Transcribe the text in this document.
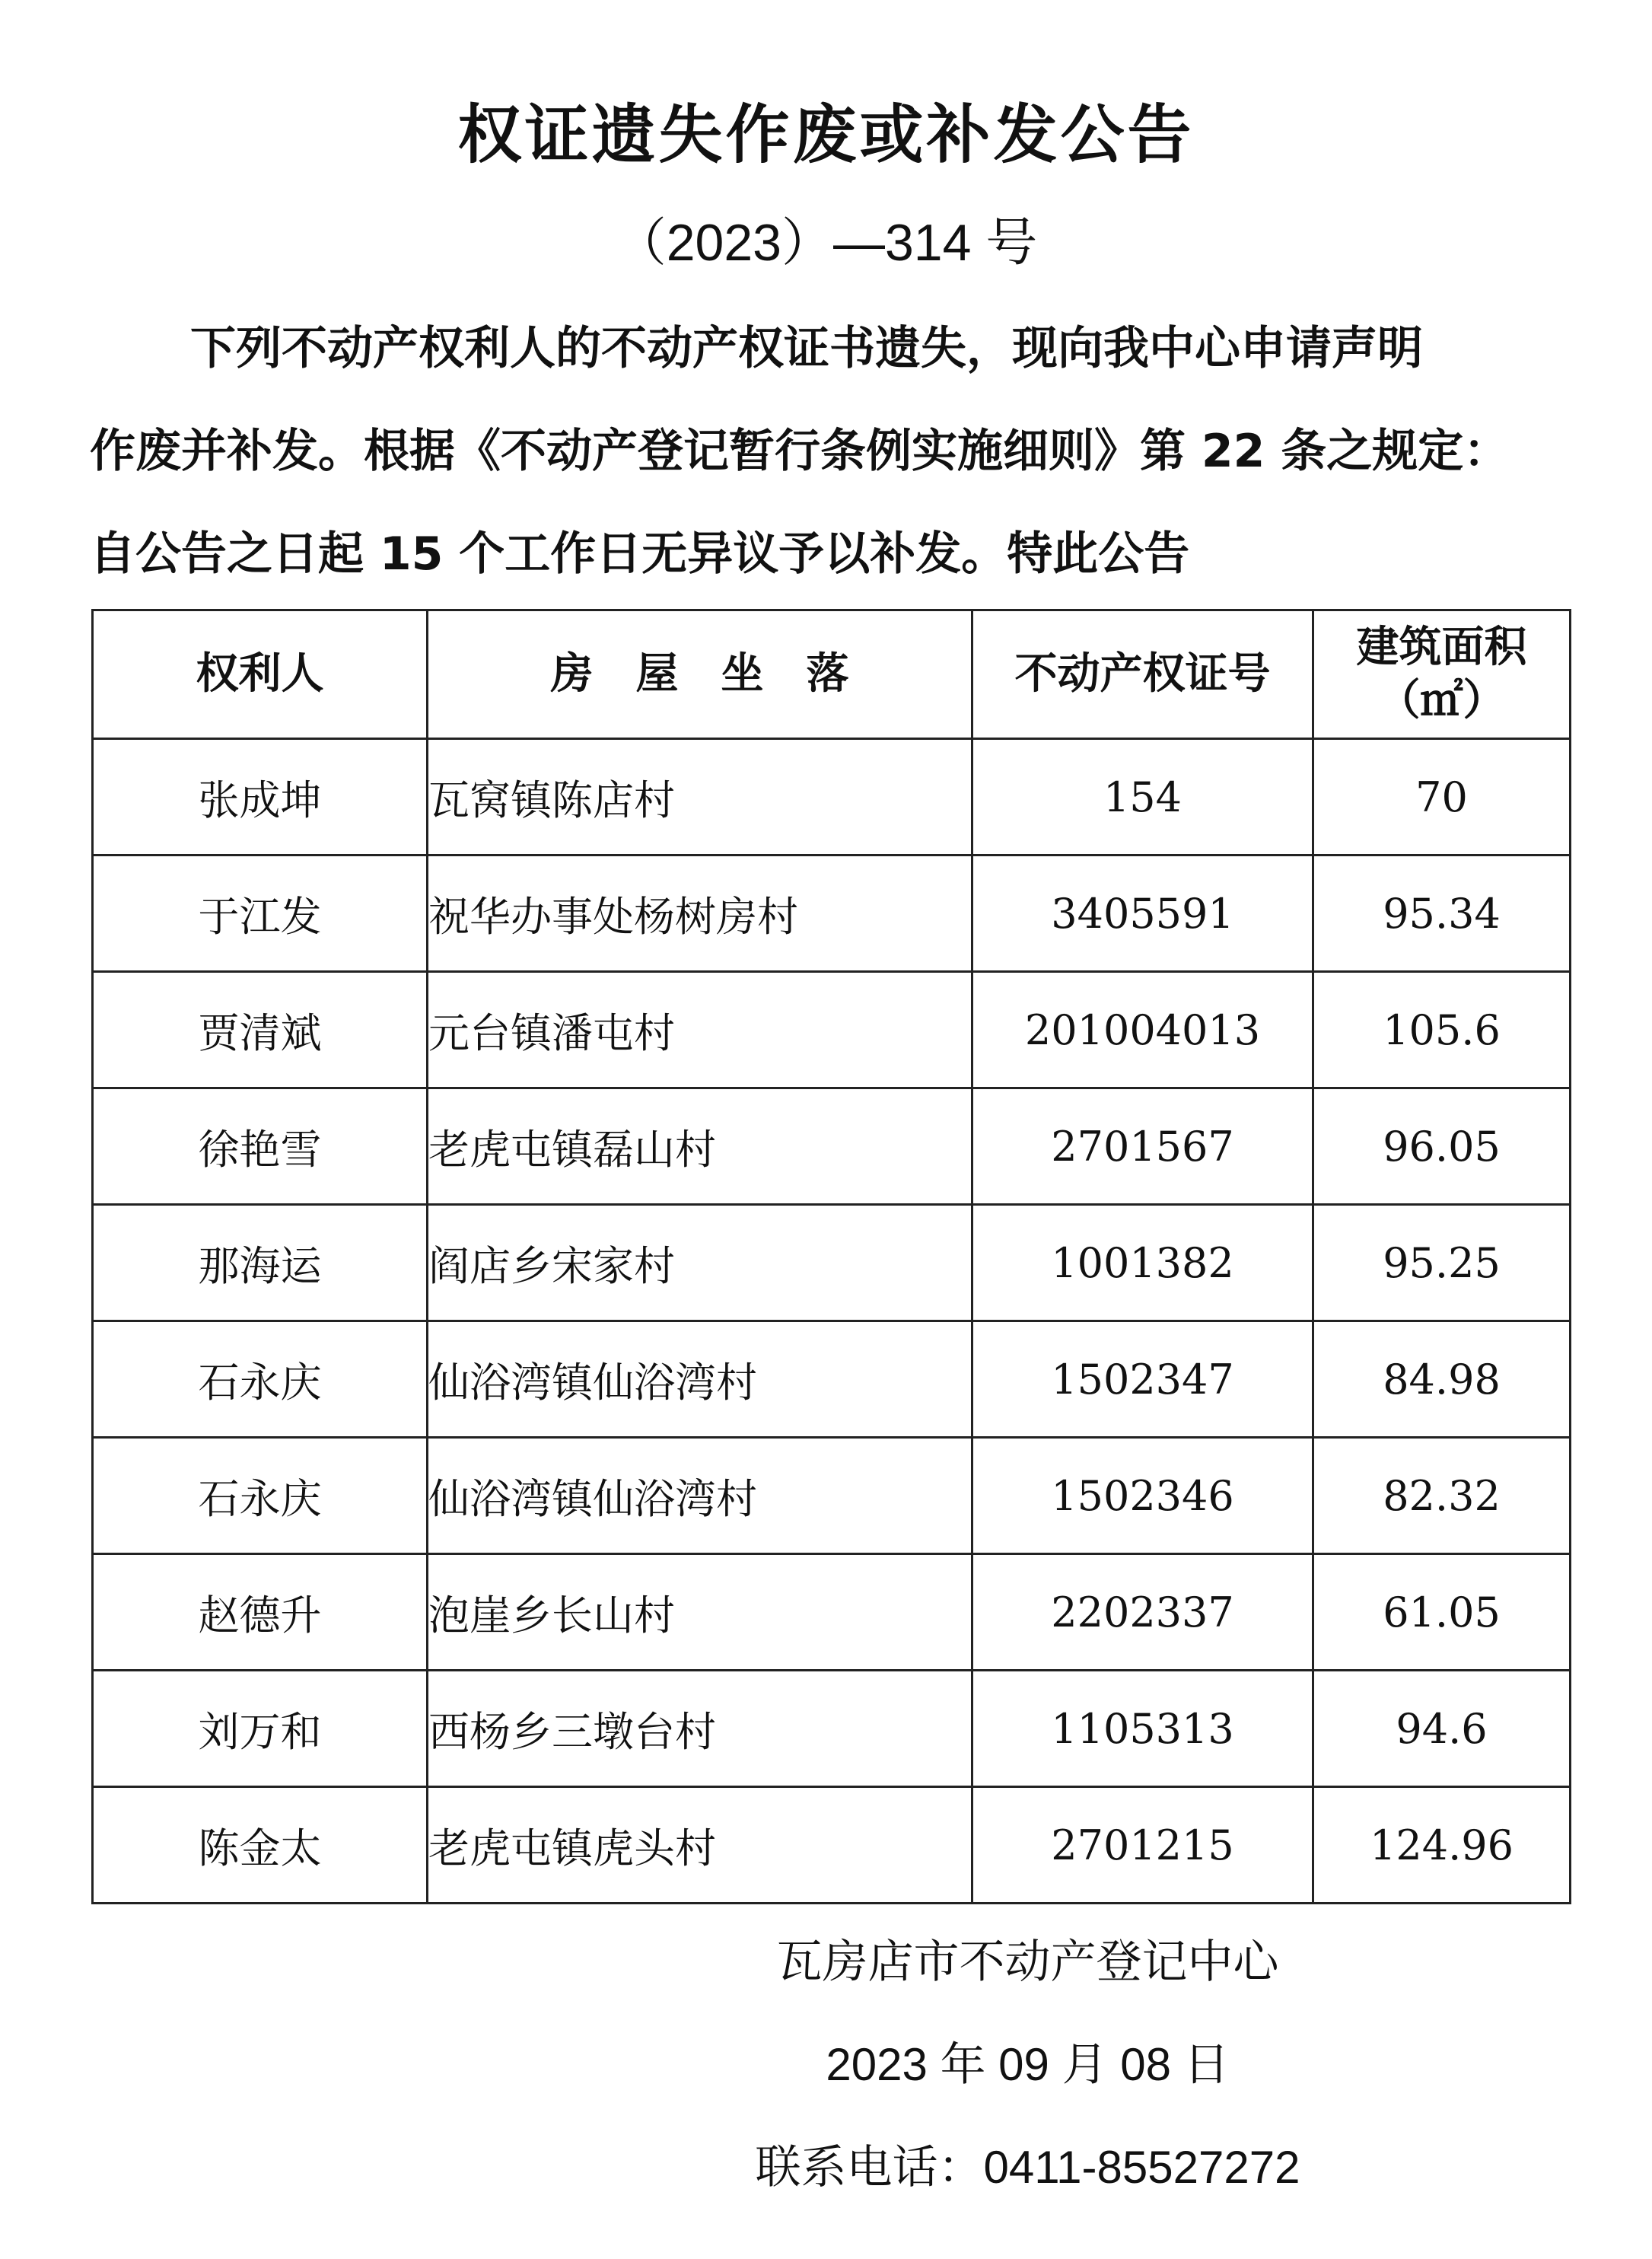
权证遗失作废或补发公告
（2023）—314 号
下列不动产权利人的不动产权证书遗失，现向我中心申请声明
作废并补发。根据《不动产登记暂行条例实施细则》第 22 条之规定：
自公告之日起 15 个工作日无异议予以补发。特此公告
权利人	房　屋　坐　落	不动产权证号	建筑面积
（㎡）

张成坤	瓦窝镇陈店村	154	70
于江发	祝华办事处杨树房村	3405591	95.34
贾清斌	元台镇潘屯村	201004013	105.6
徐艳雪	老虎屯镇磊山村	2701567	96.05
那海运	阎店乡宋家村	1001382	95.25
石永庆	仙浴湾镇仙浴湾村	1502347	84.98
石永庆	仙浴湾镇仙浴湾村	1502346	82.32
赵德升	泡崖乡长山村	2202337	61.05
刘万和	西杨乡三墩台村	1105313	94.6
陈金太	老虎屯镇虎头村	2701215	124.96
瓦房店市不动产登记中心
2023 年 09 月 08 日
联系电话：0411-85527272
